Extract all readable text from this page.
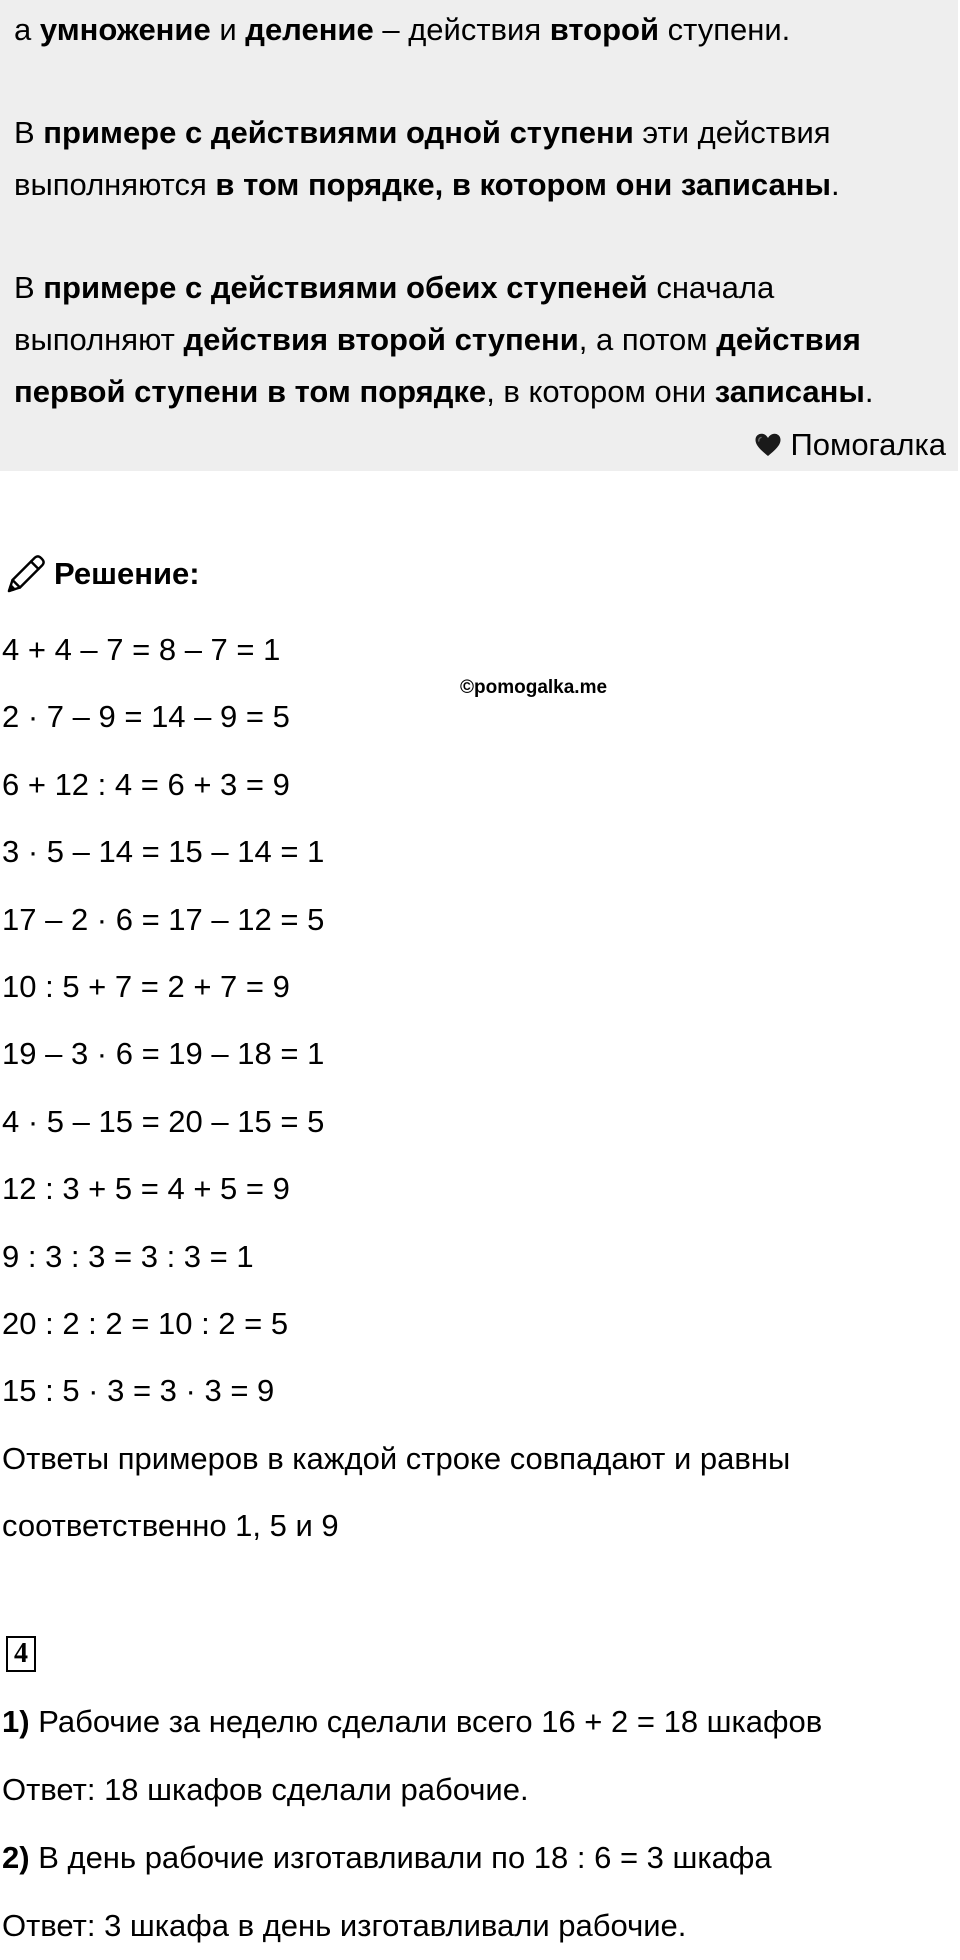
а умножение и деление – действия второй ступени.

В примере с действиями одной ступени эти действия
выполняются в том порядке, в котором они записаны.

В примере с действиями обеих ступеней сначала
выполняют действия второй ступени, а потом действия
первой ступени в том порядке, в котором они записаны.

Помогалка
Решение:
©pomogalka.me
4 + 4 – 7 = 8 – 7 = 1
2 · 7 – 9 = 14 – 9 = 5
6 + 12 : 4 = 6 + 3 = 9
3 · 5 – 14 = 15 – 14 = 1
17 – 2 · 6 = 17 – 12 = 5
10 : 5 + 7 = 2 + 7 = 9
19 – 3 · 6 = 19 – 18 = 1
4 · 5 – 15 = 20 – 15 = 5
12 : 3 + 5 = 4 + 5 = 9
9 : 3 : 3 = 3 : 3 = 1
20 : 2 : 2 = 10 : 2 = 5
15 : 5 · 3 = 3 · 3 = 9
Ответы примеров в каждой строке совпадают и равны
соответственно 1, 5 и 9
4
1) Рабочие за неделю сделали всего 16 + 2 = 18 шкафов
Ответ: 18 шкафов сделали рабочие.
2) В день рабочие изготавливали по 18 : 6 = 3 шкафа
Ответ: 3 шкафа в день изготавливали рабочие.
